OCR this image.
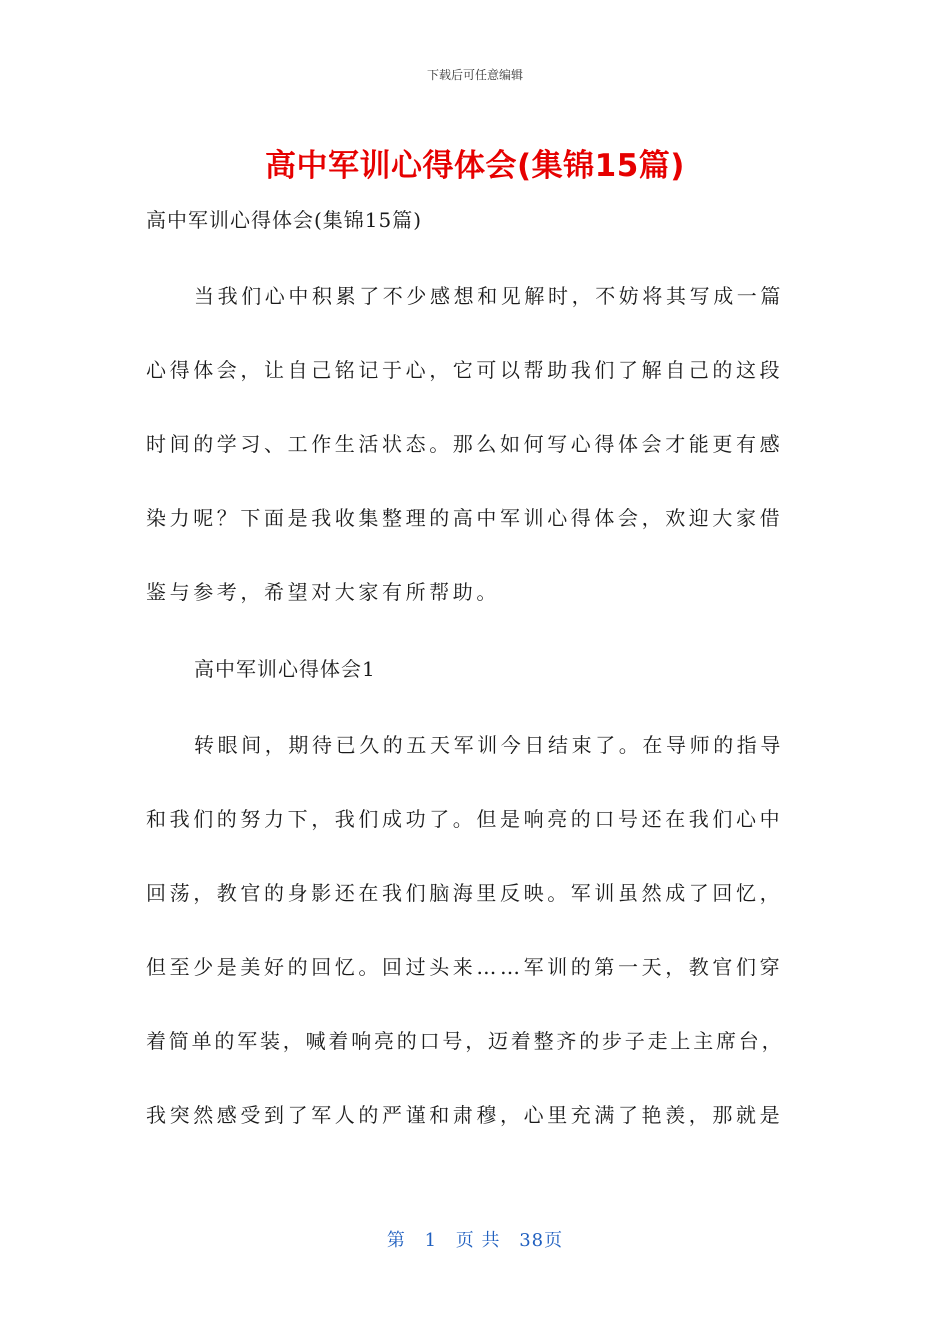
下载后可任意编辑
高中军训心得体会(集锦15篇)
高中军训心得体会(集锦15篇)
当我们心中积累了不少感想和见解时，不妨将其写成一篇
心得体会，让自己铭记于心，它可以帮助我们了解自己的这段
时间的学习、工作生活状态。那么如何写心得体会才能更有感
染力呢？下面是我收集整理的高中军训心得体会，欢迎大家借
鉴与参考，希望对大家有所帮助。
高中军训心得体会1
转眼间，期待已久的五天军训今日结束了。在导师的指导
和我们的努力下，我们成功了。但是响亮的口号还在我们心中
回荡，教官的身影还在我们脑海里反映。军训虽然成了回忆，
但至少是美好的回忆。回过头来……军训的第一天，教官们穿
着简单的军装，喊着响亮的口号，迈着整齐的步子走上主席台，
我突然感受到了军人的严谨和肃穆，心里充满了艳羡，那就是
第 1 页 共 38页
